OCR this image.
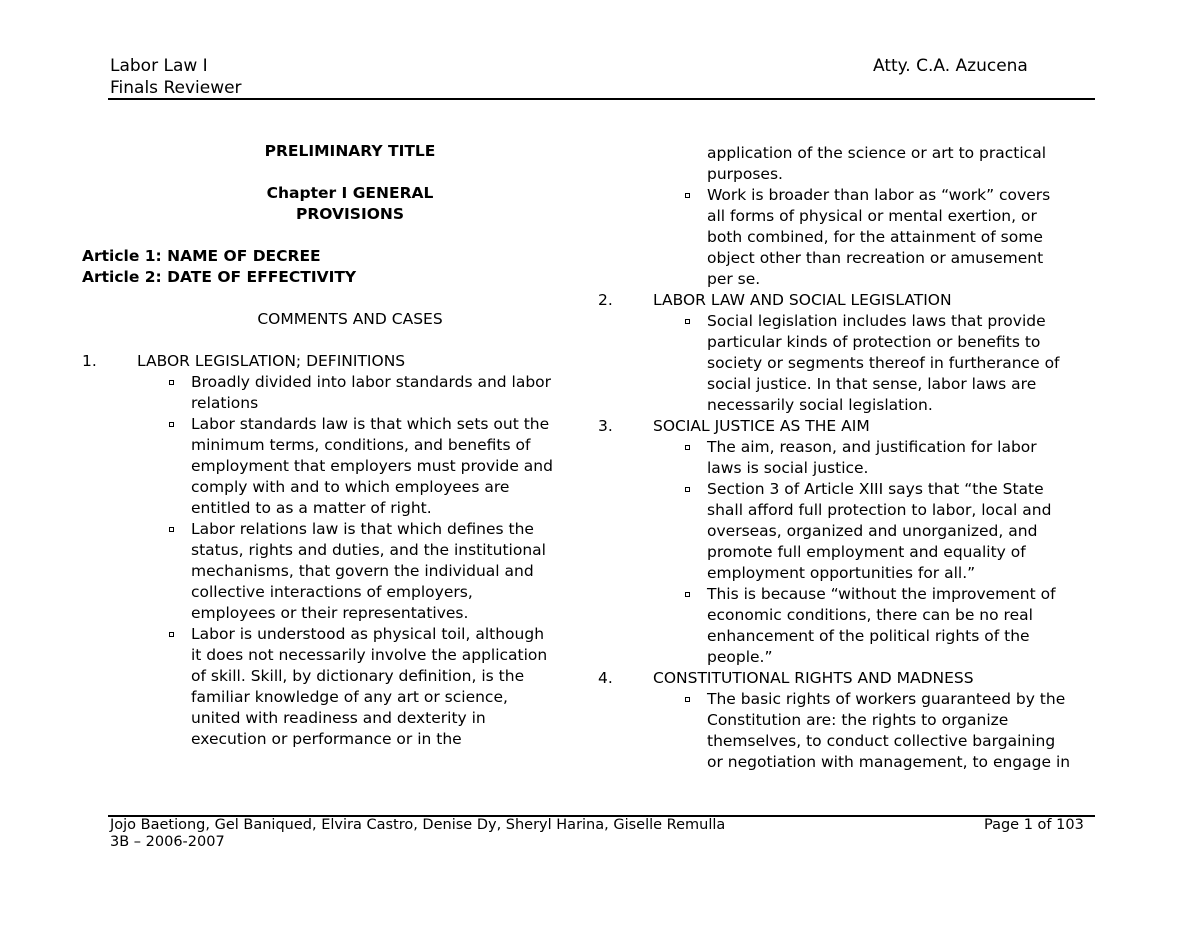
Labor Law I
Finals Reviewer
Atty. C.A. Azucena
PRELIMINARY TITLE
Chapter I GENERAL
PROVISIONS
Article 1: NAME OF DECREE
Article 2: DATE OF EFFECTIVITY
COMMENTS AND CASES
1.	LABOR LEGISLATION; DEFINITIONS
Broadly divided into labor standards and labor
relations
Labor standards law is that which sets out the
minimum terms, conditions, and benefits of
employment that employers must provide and
comply with and to which employees are
entitled to as a matter of right.
Labor relations law is that which defines the
status, rights and duties, and the institutional
mechanisms, that govern the individual and
collective interactions of employers,
employees or their representatives.
Labor is understood as physical toil, although
it does not necessarily involve the application
of skill. Skill, by dictionary definition, is the
familiar knowledge of any art or science,
united with readiness and dexterity in
execution or performance or in the
application of the science or art to practical
purposes.
Work is broader than labor as “work” covers
all forms of physical or mental exertion, or
both combined, for the attainment of some
object other than recreation or amusement
per se.
2.	LABOR LAW AND SOCIAL LEGISLATION
Social legislation includes laws that provide
particular kinds of protection or benefits to
society or segments thereof in furtherance of
social justice. In that sense, labor laws are
necessarily social legislation.
3.	SOCIAL JUSTICE AS THE AIM
The aim, reason, and justification for labor
laws is social justice.
Section 3 of Article XIII says that “the State
shall afford full protection to labor, local and
overseas, organized and unorganized, and
promote full employment and equality of
employment opportunities for all.”
This is because “without the improvement of
economic conditions, there can be no real
enhancement of the political rights of the
people.”
4.	CONSTITUTIONAL RIGHTS AND MADNESS
The basic rights of workers guaranteed by the
Constitution are: the rights to organize
themselves, to conduct collective bargaining
or negotiation with management, to engage in
Jojo Baetiong, Gel Baniqued, Elvira Castro, Denise Dy, Sheryl Harina, Giselle Remulla
3B – 2006-2007
Page 1 of 103
